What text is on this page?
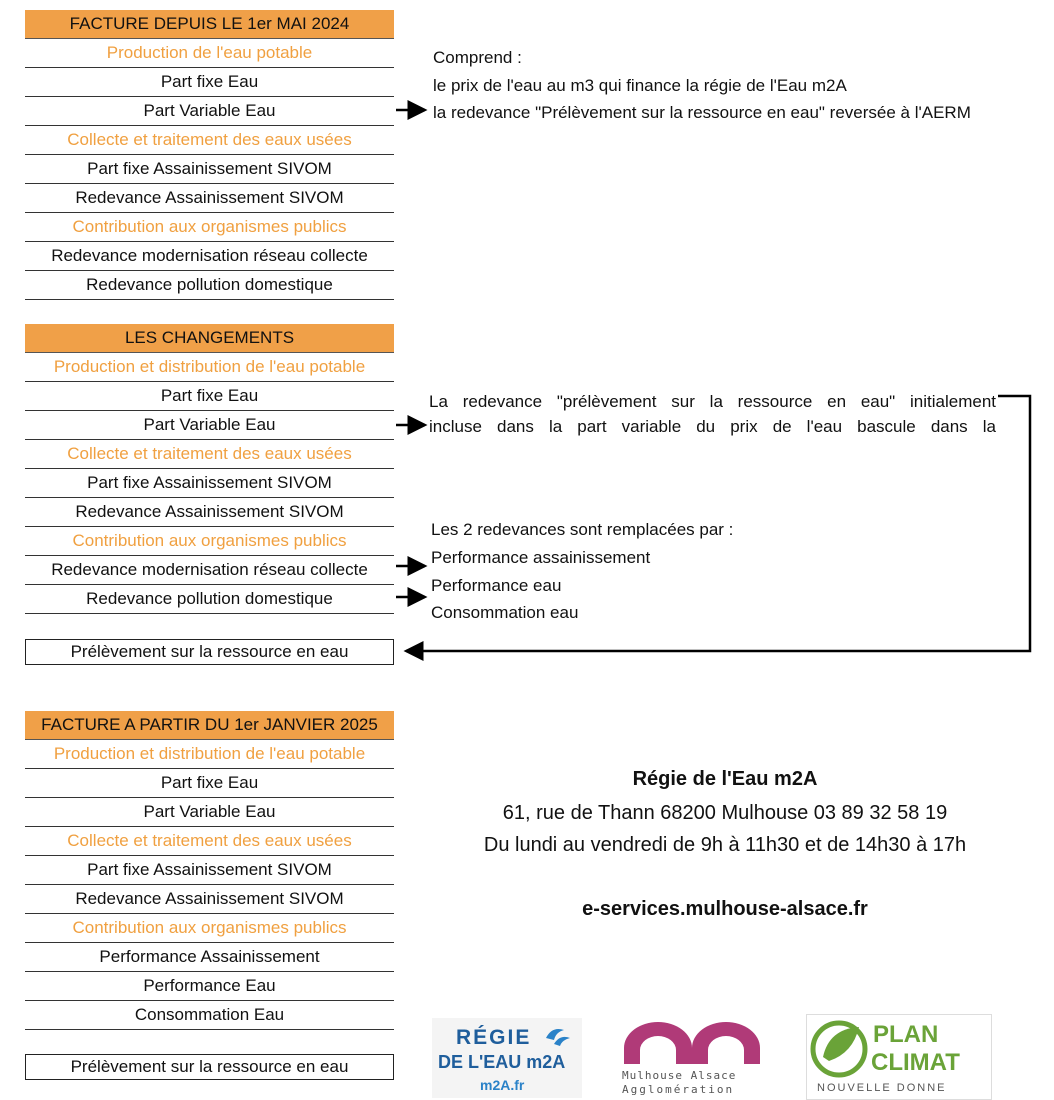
FACTURE DEPUIS LE 1er MAI 2024
Production de l'eau potable
Part fixe Eau
Part Variable Eau
Collecte et traitement des eaux usées
Part fixe Assainissement SIVOM
Redevance Assainissement SIVOM
Contribution aux organismes publics
Redevance modernisation réseau collecte
Redevance pollution domestique
Comprend :
le prix de l'eau au m3 qui finance la régie de l'Eau m2A
la redevance "Prélèvement sur la ressource en eau" reversée à l'AERM
LES CHANGEMENTS
Production et distribution de l'eau potable
Part fixe Eau
Part Variable Eau
Collecte et traitement des eaux usées
Part fixe Assainissement SIVOM
Redevance Assainissement SIVOM
Contribution aux organismes publics
Redevance modernisation réseau collecte
Redevance pollution domestique
Prélèvement sur la ressource en eau
La redevance "prélèvement sur la ressource en eau" initialement
incluse dans la part variable du prix de l'eau bascule dans la
Les 2 redevances sont remplacées par :
Performance assainissement
Performance eau
Consommation eau
FACTURE A PARTIR DU 1er JANVIER 2025
Production et distribution de l'eau potable
Part fixe Eau
Part Variable Eau
Collecte et traitement des eaux usées
Part fixe Assainissement SIVOM
Redevance Assainissement SIVOM
Contribution aux organismes publics
Performance Assainissement
Performance Eau
Consommation Eau
Prélèvement sur la ressource en eau
Régie de l'Eau m2A
61, rue de Thann 68200 Mulhouse 03 89 32 58 19
Du lundi au vendredi de 9h à 11h30 et de 14h30 à 17h
e-services.mulhouse-alsace.fr
RÉGIE
DE L'EAU m2A
m2A.fr
Mulhouse Alsace
Agglomération
PLAN
CLIMAT
NOUVELLE DONNE
